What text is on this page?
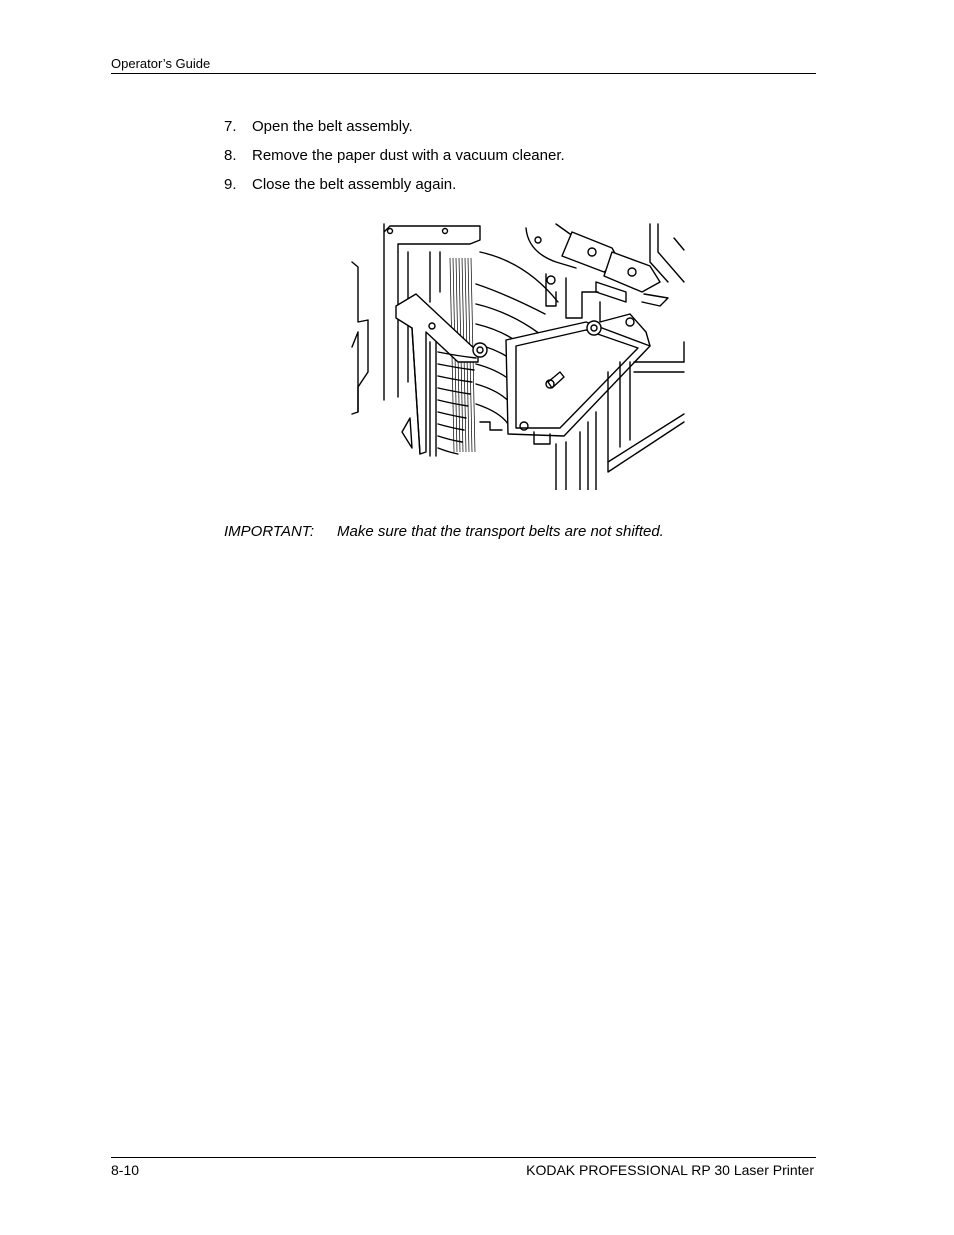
Operator’s Guide
7. Open the belt assembly.
8. Remove the paper dust with a vacuum cleaner.
9. Close the belt assembly again.
IMPORTANT: Make sure that the transport belts are not shifted.
8-10	KODAK PROFESSIONAL RP 30 Laser Printer
